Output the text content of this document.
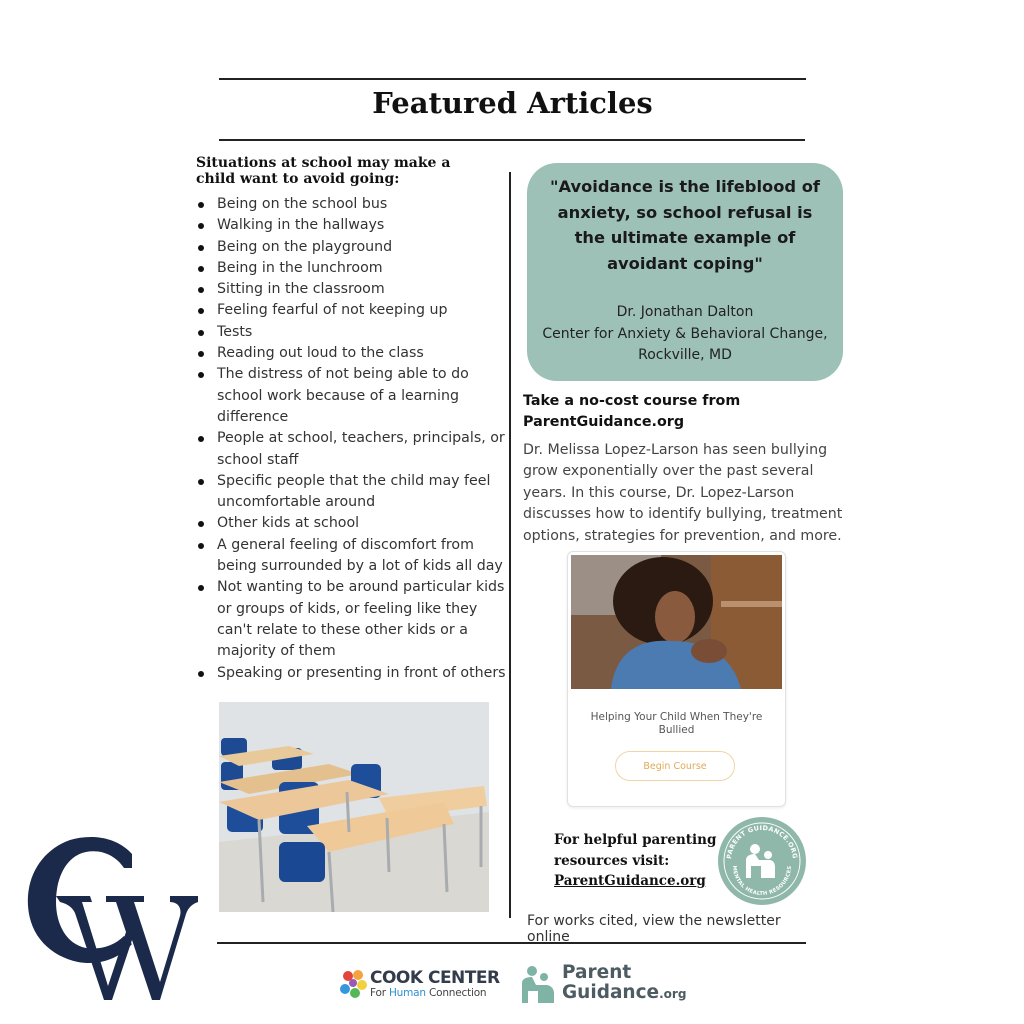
Featured Articles
Situations at school may make a child want to avoid going:
Being on the school bus
Walking in the hallways
Being on the playground
Being in the lunchroom
Sitting in the classroom
Feeling fearful of not keeping up
Tests
Reading out loud to the class
The distress of not being able to do school work because of a learning difference
People at school, teachers, principals, or school staff
Specific people that the child may feel uncomfortable around
Other kids at school
A general feeling of discomfort from being surrounded by a lot of kids all day
Not wanting to be around particular kids or groups of kids, or feeling like they can't relate to these other kids or a majority of them
Speaking or presenting in front of others
"Avoidance is the lifeblood of anxiety, so school refusal is the ultimate example of avoidant coping"
Dr. Jonathan Dalton
Center for Anxiety & Behavioral Change,
Rockville, MD
Take a no-cost course from ParentGuidance.org
Dr. Melissa Lopez-Larson has seen bullying grow exponentially over the past several years. In this course, Dr. Lopez-Larson discusses how to identify bullying, treatment options, strategies for prevention, and more.
Helping Your Child When They're Bullied
Begin Course
For helpful parenting
resources visit:
ParentGuidance.org
PARENT GUIDANCE.ORG
MENTAL HEALTH RESOURCES
For works cited, view the newsletter online
COOK CENTER
For Human Connection
Parent
Guidance.org
